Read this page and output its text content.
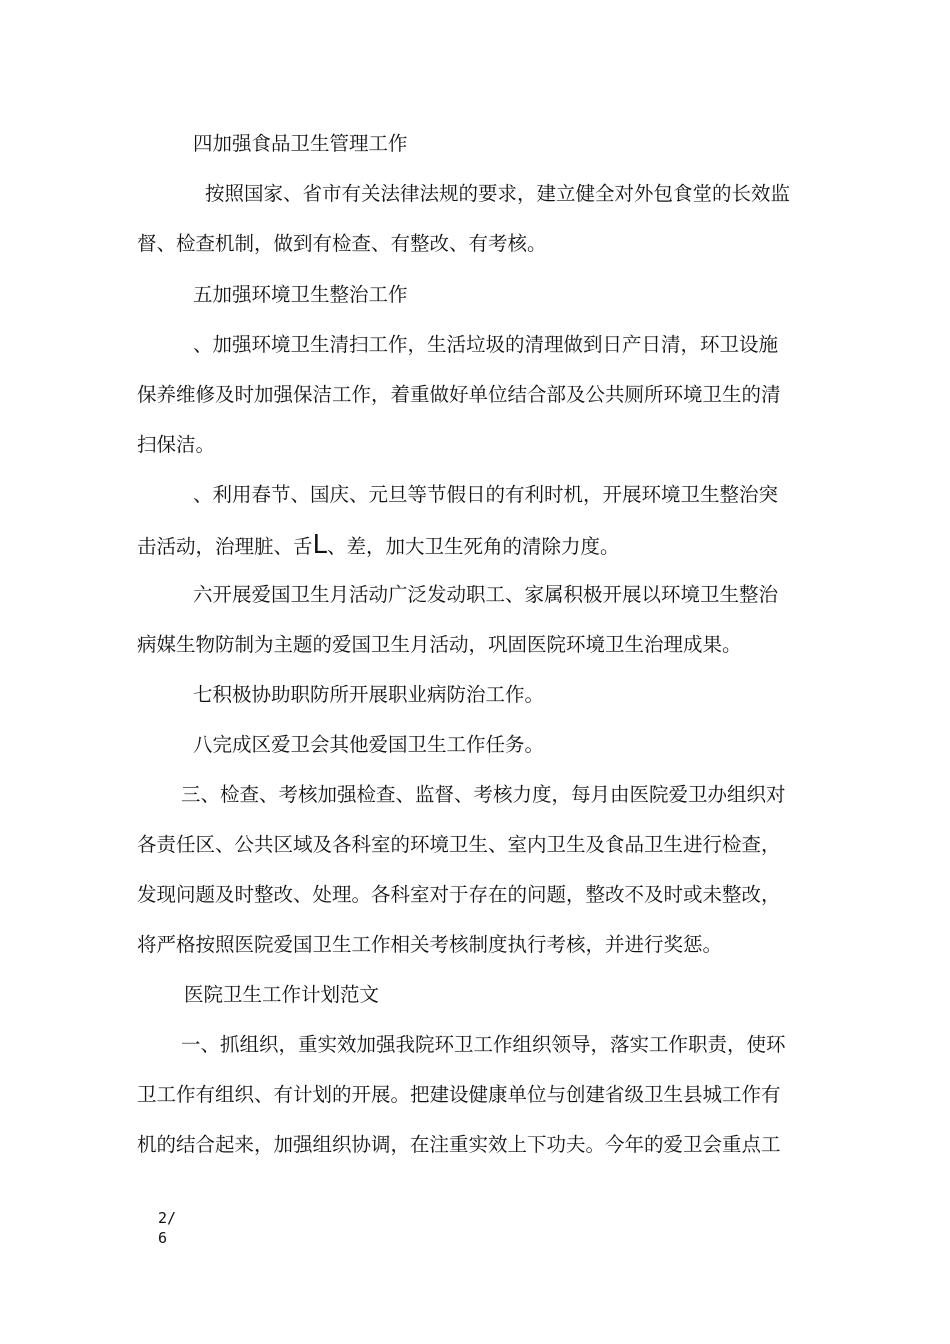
四加强食品卫生管理工作
按照国家、省市有关法律法规的要求，建立健全对外包食堂的长效监
督、检查机制，做到有检查、有整改、有考核。
五加强环境卫生整治工作
、加强环境卫生清扫工作，生活垃圾的清理做到日产日清，环卫设施
保养维修及时加强保洁工作，着重做好单位结合部及公共厕所环境卫生的清
扫保洁。
、利用春节、国庆、元旦等节假日的有利时机，开展环境卫生整治突
击活动，治理脏、舌L、差，加大卫生死角的清除力度。
六开展爱国卫生月活动广泛发动职工、家属积极开展以环境卫生整治
病媒生物防制为主题的爱国卫生月活动，巩固医院环境卫生治理成果。
七积极协助职防所开展职业病防治工作。
八完成区爱卫会其他爱国卫生工作任务。
三、检查、考核加强检查、监督、考核力度，每月由医院爱卫办组织对
各责任区、公共区域及各科室的环境卫生、室内卫生及食品卫生进行检查，
发现问题及时整改、处理。各科室对于存在的问题，整改不及时或未整改，
将严格按照医院爱国卫生工作相关考核制度执行考核，并进行奖惩。
医院卫生工作计划范文
一、抓组织，重实效加强我院环卫工作组织领导，落实工作职责，使环
卫工作有组织、有计划的开展。把建设健康单位与创建省级卫生县城工作有
机的结合起来，加强组织协调，在注重实效上下功夫。今年的爱卫会重点工
2/
6
